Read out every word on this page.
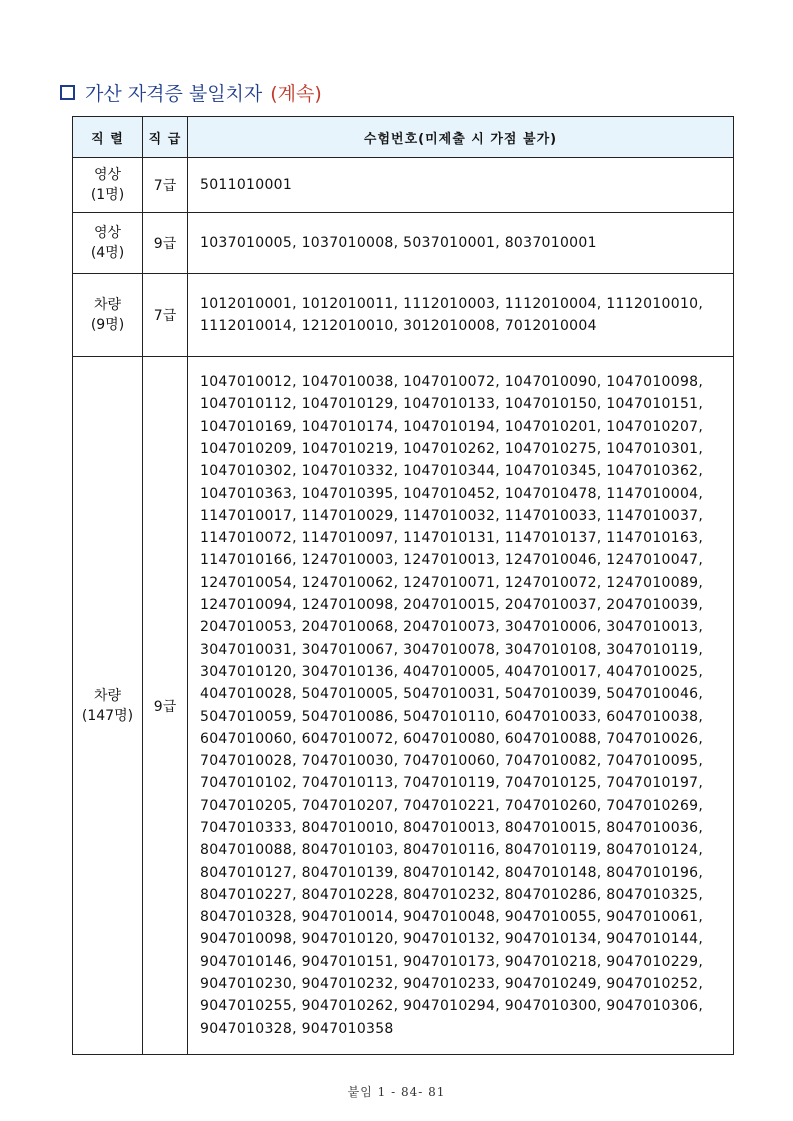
가산 자격증 불일치자 (계속)
직 렬	직 급	수험번호(미제출 시 가점 불가)

영상
(1명)	7급	5011010001

영상
(4명)	9급	1037010005, 1037010008, 5037010001, 8037010001

차량
(9명)	7급	1012010001, 1012010011, 1112010003, 1112010004, 1112010010, 1112010014, 1212010010, 3012010008, 7012010004

차량
(147명)	9급	1047010012, 1047010038, 1047010072, 1047010090, 1047010098, 1047010112, 1047010129, 1047010133, 1047010150, 1047010151, 1047010169, 1047010174, 1047010194, 1047010201, 1047010207, 1047010209, 1047010219, 1047010262, 1047010275, 1047010301, 1047010302, 1047010332, 1047010344, 1047010345, 1047010362, 1047010363, 1047010395, 1047010452, 1047010478, 1147010004, 1147010017, 1147010029, 1147010032, 1147010033, 1147010037, 1147010072, 1147010097, 1147010131, 1147010137, 1147010163, 1147010166, 1247010003, 1247010013, 1247010046, 1247010047, 1247010054, 1247010062, 1247010071, 1247010072, 1247010089, 1247010094, 1247010098, 2047010015, 2047010037, 2047010039, 2047010053, 2047010068, 2047010073, 3047010006, 3047010013, 3047010031, 3047010067, 3047010078, 3047010108, 3047010119, 3047010120, 3047010136, 4047010005, 4047010017, 4047010025, 4047010028, 5047010005, 5047010031, 5047010039, 5047010046, 5047010059, 5047010086, 5047010110, 6047010033, 6047010038, 6047010060, 6047010072, 6047010080, 6047010088, 7047010026, 7047010028, 7047010030, 7047010060, 7047010082, 7047010095, 7047010102, 7047010113, 7047010119, 7047010125, 7047010197, 7047010205, 7047010207, 7047010221, 7047010260, 7047010269, 7047010333, 8047010010, 8047010013, 8047010015, 8047010036, 8047010088, 8047010103, 8047010116, 8047010119, 8047010124, 8047010127, 8047010139, 8047010142, 8047010148, 8047010196, 8047010227, 8047010228, 8047010232, 8047010286, 8047010325, 8047010328, 9047010014, 9047010048, 9047010055, 9047010061, 9047010098, 9047010120, 9047010132, 9047010134, 9047010144, 9047010146, 9047010151, 9047010173, 9047010218, 9047010229, 9047010230, 9047010232, 9047010233, 9047010249, 9047010252, 9047010255, 9047010262, 9047010294, 9047010300, 9047010306, 9047010328, 9047010358
붙임 1 - 84- 81
